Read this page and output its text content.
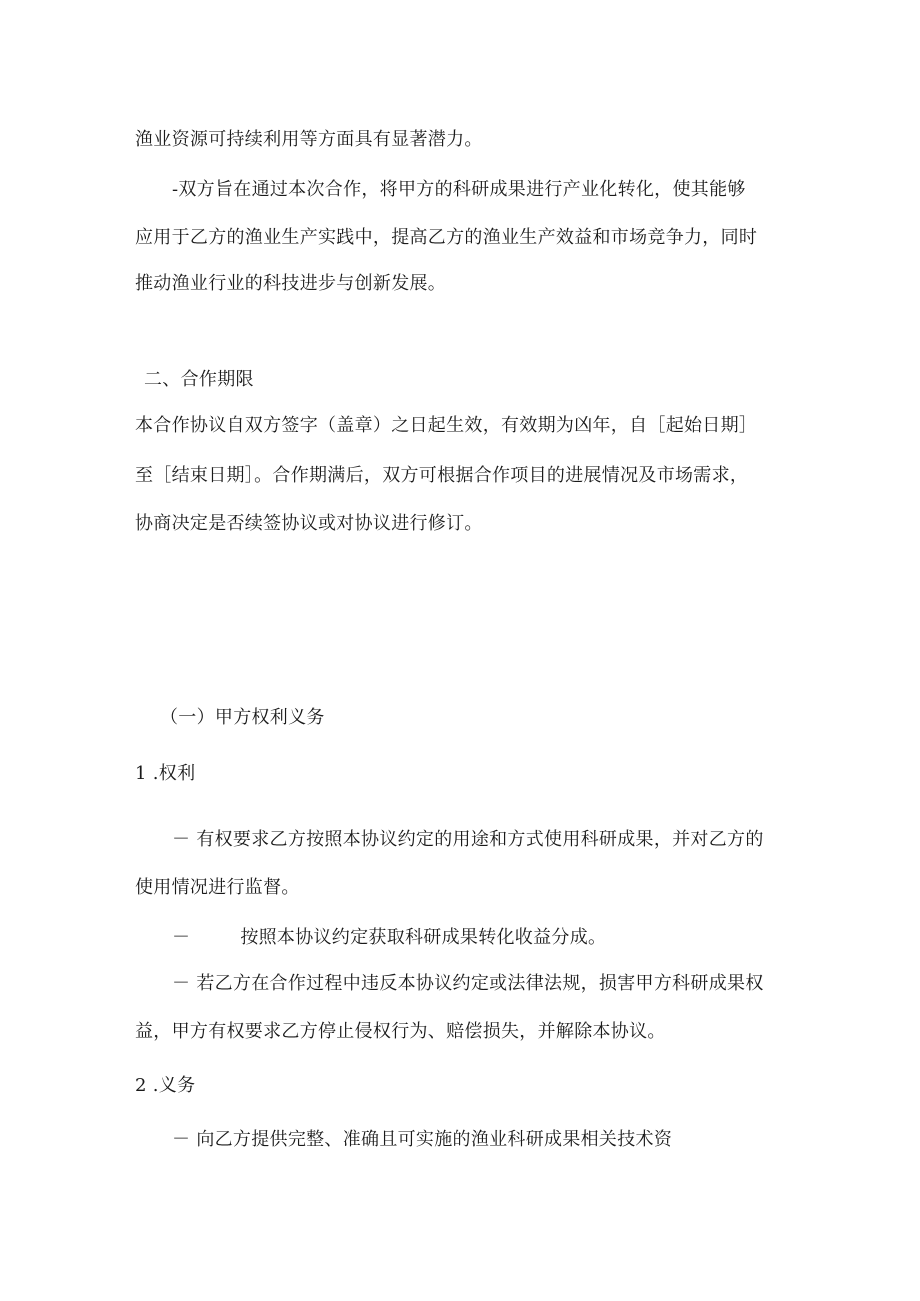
渔业资源可持续利用等方面具有显著潜力。
-双方旨在通过本次合作，将甲方的科研成果进行产业化转化，使其能够
应用于乙方的渔业生产实践中，提高乙方的渔业生产效益和市场竞争力，同时
推动渔业行业的科技进步与创新发展。
二、合作期限
本合作协议自双方签字（盖章）之日起生效，有效期为凶年，自［起始日期］
至［结束日期］。合作期满后，双方可根据合作项目的进展情况及市场需求，
协商决定是否续签协议或对协议进行修订。
（一）甲方权利义务
1 .权利
－ 有权要求乙方按照本协议约定的用途和方式使用科研成果，并对乙方的
使用情况进行监督。
－	按照本协议约定获取科研成果转化收益分成。
－ 若乙方在合作过程中违反本协议约定或法律法规，损害甲方科研成果权
益，甲方有权要求乙方停止侵权行为、赔偿损失，并解除本协议。
2 .义务
－ 向乙方提供完整、准确且可实施的渔业科研成果相关技术资
